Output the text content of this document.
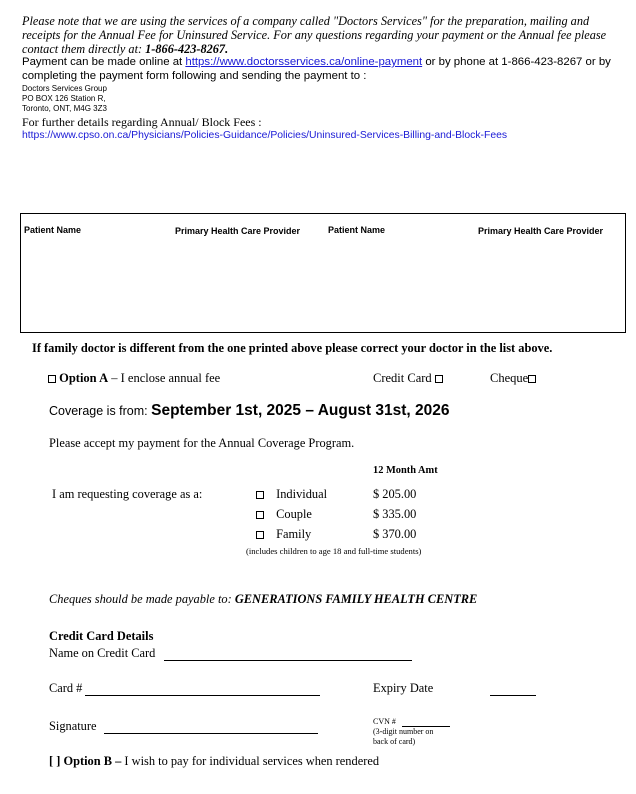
Please note that we are using the services of a company called "Doctors Services" for the preparation, mailing and
receipts for the Annual Fee for Uninsured Service. For any questions regarding your payment or the Annual fee please
contact them directly at: 1-866-423-8267.
Payment can be made online at https://www.doctorsservices.ca/online-payment or by phone at 1-866-423-8267 or by
completing the payment form following and sending the payment to :
Doctors Services Group
PO BOX 126 Station R,
Toronto, ONT, M4G 3Z3
For further details regarding Annual/ Block Fees :
https://www.cpso.on.ca/Physicians/Policies-Guidance/Policies/Uninsured-Services-Billing-and-Block-Fees
Patient Name	Primary Health Care Provider	Patient Name	Primary Health Care Provider
If family doctor is different from the one printed above please correct your doctor in the list above.
Option A – I enclose annual fee	Credit Card	Cheque
Coverage is from: September 1st, 2025 – August 31st, 2026
Please accept my payment for the Annual Coverage Program.
12 Month Amt
I am requesting coverage as a:	Individual	$ 205.00
Couple	$ 335.00
Family	$ 370.00
(includes children to age 18 and full-time students)
Cheques should be made payable to: GENERATIONS FAMILY HEALTH CENTRE
Credit Card Details
Name on Credit Card
Card #	Expiry Date
Signature	CVN #
(3-digit number on
back of card)
[ ] Option B – I wish to pay for individual services when rendered
